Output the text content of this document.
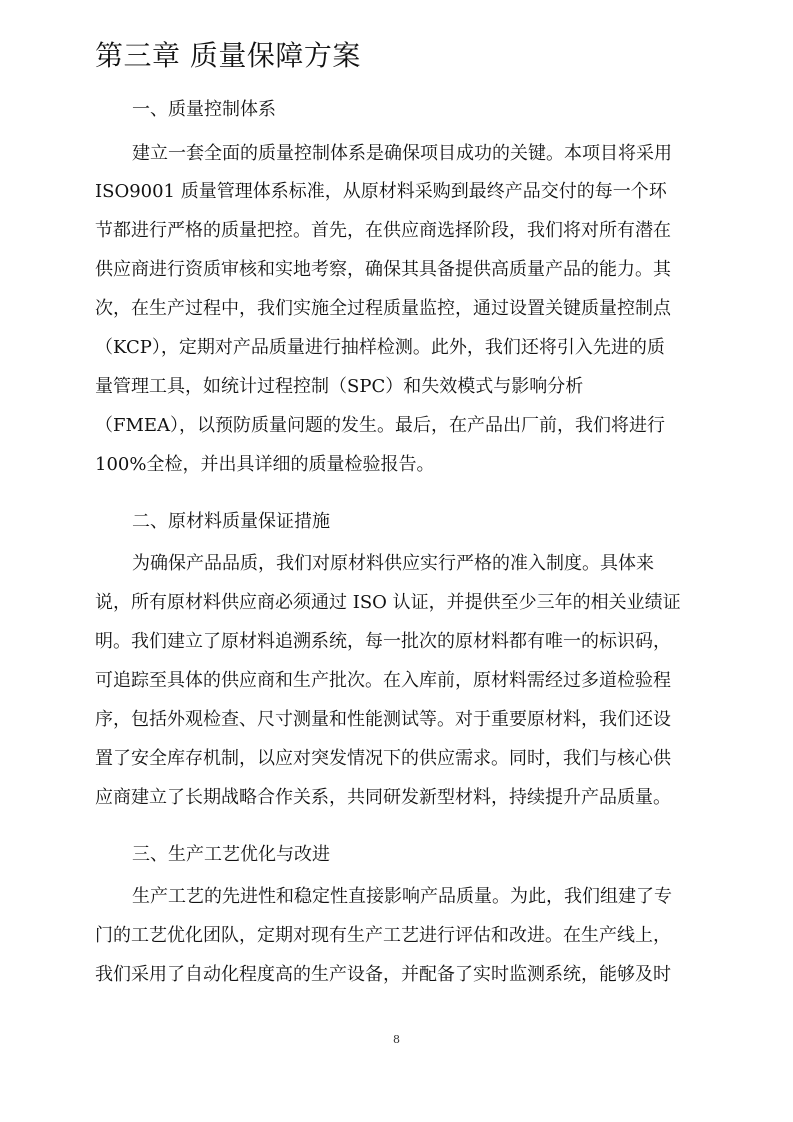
第三章 质量保障方案
一、质量控制体系
建立一套全面的质量控制体系是确保项目成功的关键。本项目将采用
ISO9001 质量管理体系标准，从原材料采购到最终产品交付的每一个环
节都进行严格的质量把控。首先，在供应商选择阶段，我们将对所有潜在
供应商进行资质审核和实地考察，确保其具备提供高质量产品的能力。其
次，在生产过程中，我们实施全过程质量监控，通过设置关键质量控制点
（KCP），定期对产品质量进行抽样检测。此外，我们还将引入先进的质
量管理工具，如统计过程控制（SPC）和失效模式与影响分析
（FMEA），以预防质量问题的发生。最后，在产品出厂前，我们将进行
100%全检，并出具详细的质量检验报告。
二、原材料质量保证措施
为确保产品品质，我们对原材料供应实行严格的准入制度。具体来
说，所有原材料供应商必须通过 ISO 认证，并提供至少三年的相关业绩证
明。我们建立了原材料追溯系统，每一批次的原材料都有唯一的标识码，
可追踪至具体的供应商和生产批次。在入库前，原材料需经过多道检验程
序，包括外观检查、尺寸测量和性能测试等。对于重要原材料，我们还设
置了安全库存机制，以应对突发情况下的供应需求。同时，我们与核心供
应商建立了长期战略合作关系，共同研发新型材料，持续提升产品质量。
三、生产工艺优化与改进
生产工艺的先进性和稳定性直接影响产品质量。为此，我们组建了专
门的工艺优化团队，定期对现有生产工艺进行评估和改进。在生产线上，
我们采用了自动化程度高的生产设备，并配备了实时监测系统，能够及时
8
